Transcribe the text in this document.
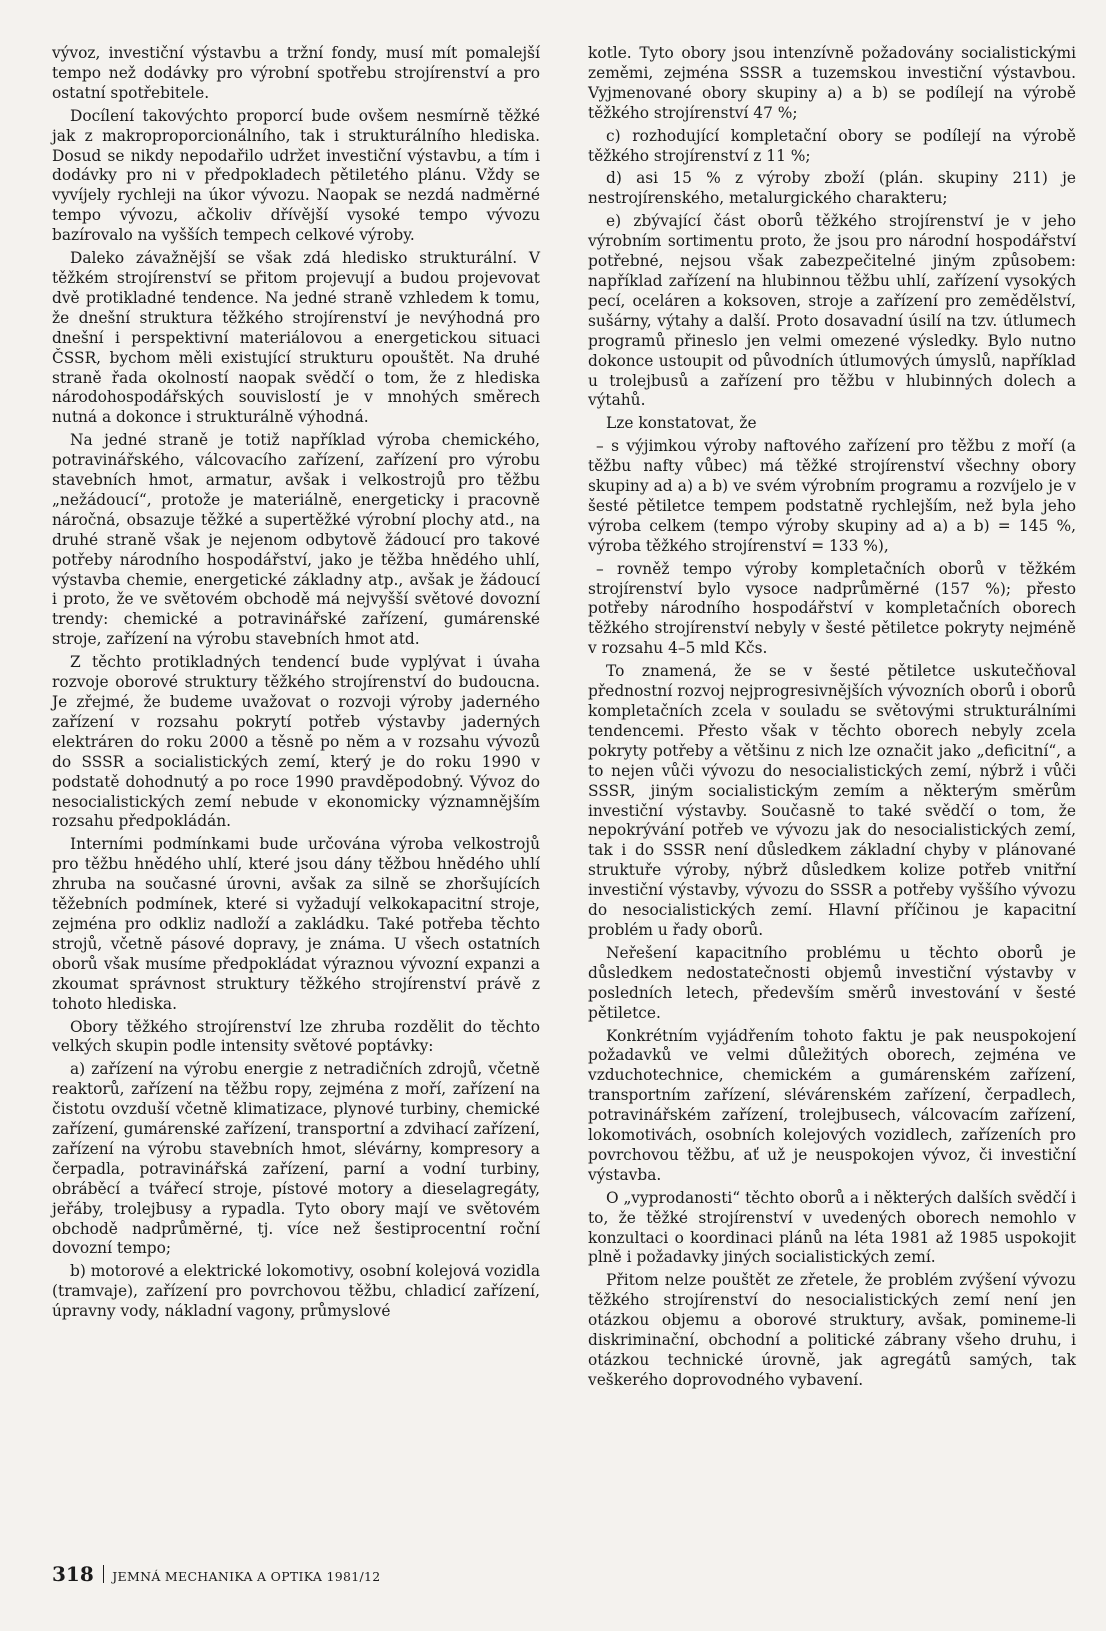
vývoz, investiční výstavbu a tržní fondy, musí mít pomalejší tempo než dodávky pro výrobní spotřebu strojírenství a pro ostatní spotřebitele.

Docílení takovýchto proporcí bude ovšem nesmírně těžké jak z makroproporcionálního, tak i strukturálního hlediska. Dosud se nikdy nepodařilo udržet investiční výstavbu, a tím i dodávky pro ni v předpokladech pětiletého plánu. Vždy se vyvíjely rychleji na úkor vývozu. Naopak se nezdá nadměrné tempo vývozu, ačkoliv dřívější vysoké tempo vývozu bazírovalo na vyšších tempech celkové výroby.

Daleko závažnější se však zdá hledisko strukturální. V těžkém strojírenství se přitom projevují a budou projevovat dvě protikladné tendence. Na jedné straně vzhledem k tomu, že dnešní struktura těžkého strojírenství je nevýhodná pro dnešní i perspektivní materiálovou a energetickou situaci ČSSR, bychom měli existující strukturu opouštět. Na druhé straně řada okolností naopak svědčí o tom, že z hlediska národohospodářských souvislostí je v mnohých směrech nutná a dokonce i strukturálně výhodná.

Na jedné straně je totiž například výroba chemického, potravinářského, válcovacího zařízení, zařízení pro výrobu stavebních hmot, armatur, avšak i velkostrojů pro těžbu „nežádoucí“, protože je materiálně, energeticky i pracovně náročná, obsazuje těžké a supertěžké výrobní plochy atd., na druhé straně však je nejenom odbytově žádoucí pro takové potřeby národního hospodářství, jako je těžba hnědého uhlí, výstavba chemie, energetické základny atp., avšak je žádoucí i proto, že ve světovém obchodě má nejvyšší světové dovozní trendy: chemické a potravinářské zařízení, gumárenské stroje, zařízení na výrobu stavebních hmot atd.

Z těchto protikladných tendencí bude vyplývat i úvaha rozvoje oborové struktury těžkého strojírenství do budoucna. Je zřejmé, že budeme uvažovat o rozvoji výroby jaderného zařízení v rozsahu pokrytí potřeb výstavby jaderných elektráren do roku 2000 a těsně po něm a v rozsahu vývozů do SSSR a socialistických zemí, který je do roku 1990 v podstatě dohodnutý a po roce 1990 pravděpodobný. Vývoz do nesocialistických zemí nebude v ekonomicky významnějším rozsahu předpokládán.

Interními podmínkami bude určována výroba velkostrojů pro těžbu hnědého uhlí, které jsou dány těžbou hnědého uhlí zhruba na současné úrovni, avšak za silně se zhoršujících těžebních podmínek, které si vyžadují velkokapacitní stroje, zejména pro odkliz nadloží a zakládku. Také potřeba těchto strojů, včetně pásové dopravy, je známa. U všech ostatních oborů však musíme předpokládat výraznou vývozní expanzi a zkoumat správnost struktury těžkého strojírenství právě z tohoto hlediska.

Obory těžkého strojírenství lze zhruba rozdělit do těchto velkých skupin podle intensity světové poptávky:

a) zařízení na výrobu energie z netradičních zdrojů, včetně reaktorů, zařízení na těžbu ropy, zejména z moří, zařízení na čistotu ovzduší včetně klimatizace, plynové turbiny, chemické zařízení, gumárenské zařízení, transportní a zdvihací zařízení, zařízení na výrobu stavebních hmot, slévárny, kompresory a čerpadla, potravinářská zařízení, parní a vodní turbiny, obráběcí a tvářecí stroje, pístové motory a dieselagregáty, jeřáby, trolejbusy a rypadla. Tyto obory mají ve světovém obchodě nadprůměrné, tj. více než šestiprocentní roční dovozní tempo;

b) motorové a elektrické lokomotivy, osobní kolejová vozidla (tramvaje), zařízení pro povrchovou těžbu, chladicí zařízení, úpravny vody, nákladní vagony, průmyslové

kotle. Tyto obory jsou intenzívně požadovány socialistickými zeměmi, zejména SSSR a tuzemskou investiční výstavbou. Vyjmenované obory skupiny a) a b) se podílejí na výrobě těžkého strojírenství 47 %;

c) rozhodující kompletační obory se podílejí na výrobě těžkého strojírenství z 11 %;

d) asi 15 % z výroby zboží (plán. skupiny 211) je nestrojírenského, metalurgického charakteru;

e) zbývající část oborů těžkého strojírenství je v jeho výrobním sortimentu proto, že jsou pro národní hospodářství potřebné, nejsou však zabezpečitelné jiným způsobem: například zařízení na hlubinnou těžbu uhlí, zařízení vysokých pecí, oceláren a koksoven, stroje a zařízení pro zemědělství, sušárny, výtahy a další. Proto dosavadní úsilí na tzv. útlumech programů přineslo jen velmi omezené výsledky. Bylo nutno dokonce ustoupit od původních útlumových úmyslů, například u trolejbusů a zařízení pro těžbu v hlubinných dolech a výtahů.

Lze konstatovat, že

– s výjimkou výroby naftového zařízení pro těžbu z moří (a těžbu nafty vůbec) má těžké strojírenství všechny obory skupiny ad a) a b) ve svém výrobním programu a rozvíjelo je v šesté pětiletce tempem podstatně rychlejším, než byla jeho výroba celkem (tempo výroby skupiny ad a) a b) = 145 %, výroba těžkého strojírenství = 133 %),

– rovněž tempo výroby kompletačních oborů v těžkém strojírenství bylo vysoce nadprůměrné (157 %); přesto potřeby národního hospodářství v kompletačních oborech těžkého strojírenství nebyly v šesté pětiletce pokryty nejméně v rozsahu 4–5 mld Kčs.

To znamená, že se v šesté pětiletce uskutečňoval přednostní rozvoj nejprogresivnějších vývozních oborů i oborů kompletačních zcela v souladu se světovými strukturálními tendencemi. Přesto však v těchto oborech nebyly zcela pokryty potřeby a většinu z nich lze označit jako „deficitní“, a to nejen vůči vývozu do nesocialistických zemí, nýbrž i vůči SSSR, jiným socialistickým zemím a některým směrům investiční výstavby. Současně to také svědčí o tom, že nepokrývání potřeb ve vývozu jak do nesocialistických zemí, tak i do SSSR není důsledkem základní chyby v plánované struktuře výroby, nýbrž důsledkem kolize potřeb vnitřní investiční výstavby, vývozu do SSSR a potřeby vyššího vývozu do nesocialistických zemí. Hlavní příčinou je kapacitní problém u řady oborů.

Neřešení kapacitního problému u těchto oborů je důsledkem nedostatečnosti objemů investiční výstavby v posledních letech, především směrů investování v šesté pětiletce.

Konkrétním vyjádřením tohoto faktu je pak neuspokojení požadavků ve velmi důležitých oborech, zejména ve vzduchotechnice, chemickém a gumárenském zařízení, transportním zařízení, slévárenském zařízení, čerpadlech, potravinářském zařízení, trolejbusech, válcovacím zařízení, lokomotivách, osobních kolejových vozidlech, zařízeních pro povrchovou těžbu, ať už je neuspokojen vývoz, či investiční výstavba.

O „vyprodanosti“ těchto oborů a i některých dalších svědčí i to, že těžké strojírenství v uvedených oborech nemohlo v konzultaci o koordinaci plánů na léta 1981 až 1985 uspokojit plně i požadavky jiných socialistických zemí.

Přitom nelze pouštět ze zřetele, že problém zvýšení vývozu těžkého strojírenství do nesocialistických zemí není jen otázkou objemu a oborové struktury, avšak, pomineme-li diskriminační, obchodní a politické zábrany všeho druhu, i otázkou technické úrovně, jak agregátů samých, tak veškerého doprovodného vybavení.

318 JEMNÁ MECHANIKA A OPTIKA 1981/12
